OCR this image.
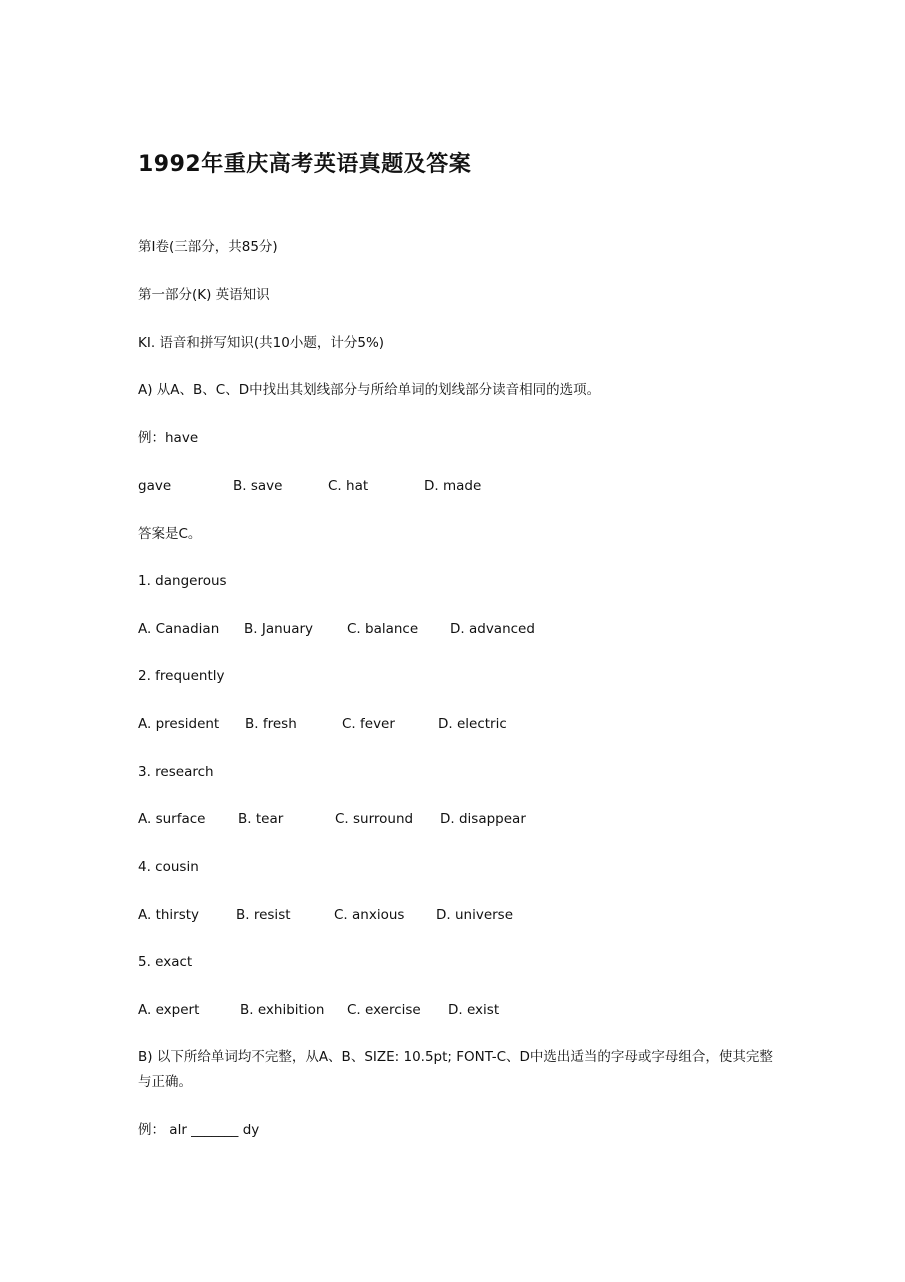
1992年重庆高考英语真题及答案
第Ⅰ卷(三部分，共85分)
第一部分(K) 英语知识
KI. 语音和拼写知识(共10小题，计分5%)
A) 从A、B、C、D中找出其划线部分与所给单词的划线部分读音相同的选项。
例：have
gave	B. save	C. hat	D. made
答案是C。
1. dangerous
A. Canadian B. January	C. balance D. advanced
2. frequently
A. president B. fresh	C. fever	D. electric
3. research
A. surface B. tear	C. surround D. disappear
4. cousin
A. thirsty	B. resist	C. anxious D. universe
5. exact
A. expert	B. exhibition C. exercise D. exist
B) 以下所给单词均不完整，从A、B、SIZE: 10.5pt; FONT-C、D中选出适当的字母或字母组合，使其完整与正确。
例： alr _______ dy
